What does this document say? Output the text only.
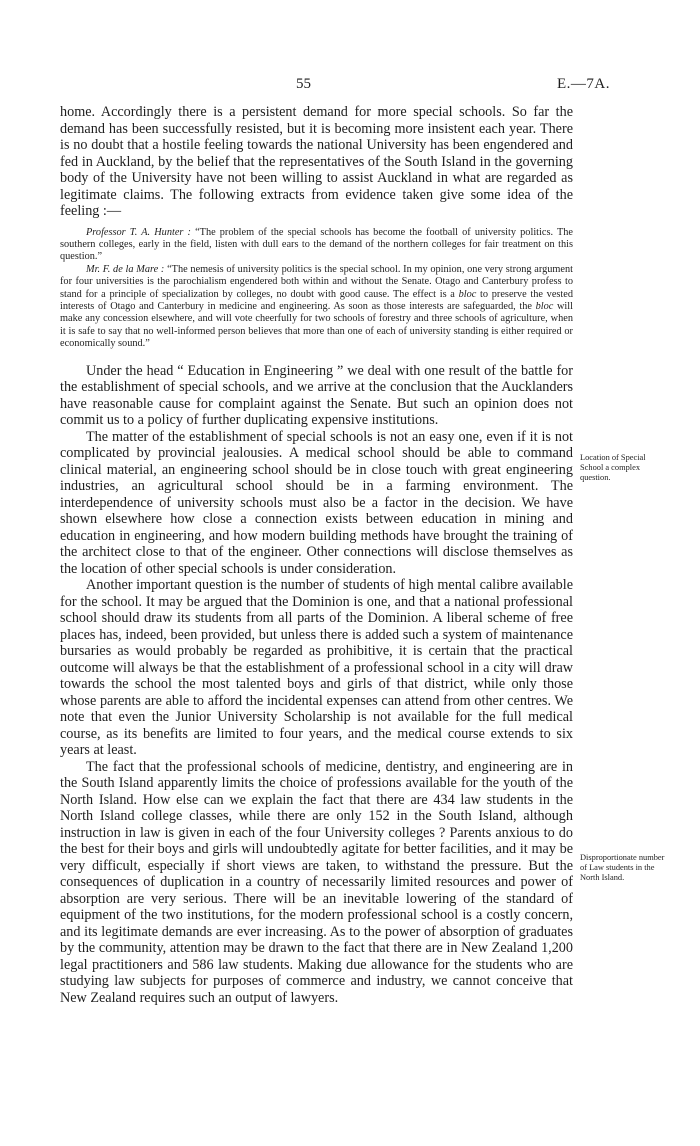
55	E.—7A.

home. Accordingly there is a persistent demand for more special schools. So far the demand has been successfully resisted, but it is becoming more insistent each year. There is no doubt that a hostile feeling towards the national University has been engendered and fed in Auckland, by the belief that the representatives of the South Island in the governing body of the University have not been willing to assist Auckland in what are regarded as legitimate claims. The following extracts from evidence taken give some idea of the feeling :—

Professor T. A. Hunter : “The problem of the special schools has become the football of university politics. The southern colleges, early in the field, listen with dull ears to the demand of the northern colleges for fair treatment on this question.”

Mr. F. de la Mare : “The nemesis of university politics is the special school. In my opinion, one very strong argument for four universities is the parochialism engendered both within and without the Senate. Otago and Canterbury profess to stand for a principle of specialization by colleges, no doubt with good cause. The effect is a bloc to preserve the vested interests of Otago and Canterbury in medicine and engineering. As soon as those interests are safeguarded, the bloc will make any concession elsewhere, and will vote cheerfully for two schools of forestry and three schools of agriculture, when it is safe to say that no well-informed person believes that more than one of each of university standing is either required or economically sound.”

Under the head “ Education in Engineering ” we deal with one result of the battle for the establishment of special schools, and we arrive at the conclusion that the Aucklanders have reasonable cause for complaint against the Senate. But such an opinion does not commit us to a policy of further duplicating expensive institutions.

The matter of the establishment of special schools is not an easy one, even if it is not complicated by provincial jealousies. A medical school should be able to command clinical material, an engineering school should be in close touch with great engineering industries, an agricultural school should be in a farming environment. The interdependence of university schools must also be a factor in the decision. We have shown elsewhere how close a connection exists between education in mining and education in engineering, and how modern building methods have brought the training of the architect close to that of the engineer. Other connections will disclose themselves as the location of other special schools is under consideration.

Another important question is the number of students of high mental calibre available for the school. It may be argued that the Dominion is one, and that a national professional school should draw its students from all parts of the Dominion. A liberal scheme of free places has, indeed, been provided, but unless there is added such a system of maintenance bursaries as would probably be regarded as prohibitive, it is certain that the practical outcome will always be that the establishment of a professional school in a city will draw towards the school the most talented boys and girls of that district, while only those whose parents are able to afford the incidental expenses can attend from other centres. We note that even the Junior University Scholarship is not available for the full medical course, as its benefits are limited to four years, and the medical course extends to six years at least.

The fact that the professional schools of medicine, dentistry, and engineering are in the South Island apparently limits the choice of professions available for the youth of the North Island. How else can we explain the fact that there are 434 law students in the North Island college classes, while there are only 152 in the South Island, although instruction in law is given in each of the four University colleges ? Parents anxious to do the best for their boys and girls will undoubtedly agitate for better facilities, and it may be very difficult, especially if short views are taken, to withstand the pressure. But the consequences of duplication in a country of necessarily limited resources and power of absorption are very serious. There will be an inevitable lowering of the standard of equipment of the two institutions, for the modern professional school is a costly concern, and its legitimate demands are ever increasing. As to the power of absorption of graduates by the community, attention may be drawn to the fact that there are in New Zealand 1,200 legal practitioners and 586 law students. Making due allowance for the students who are studying law subjects for purposes of commerce and industry, we cannot conceive that New Zealand requires such an output of lawyers.

Location of Special School a complex question.
Disproportionate number of Law students in the North Island.
